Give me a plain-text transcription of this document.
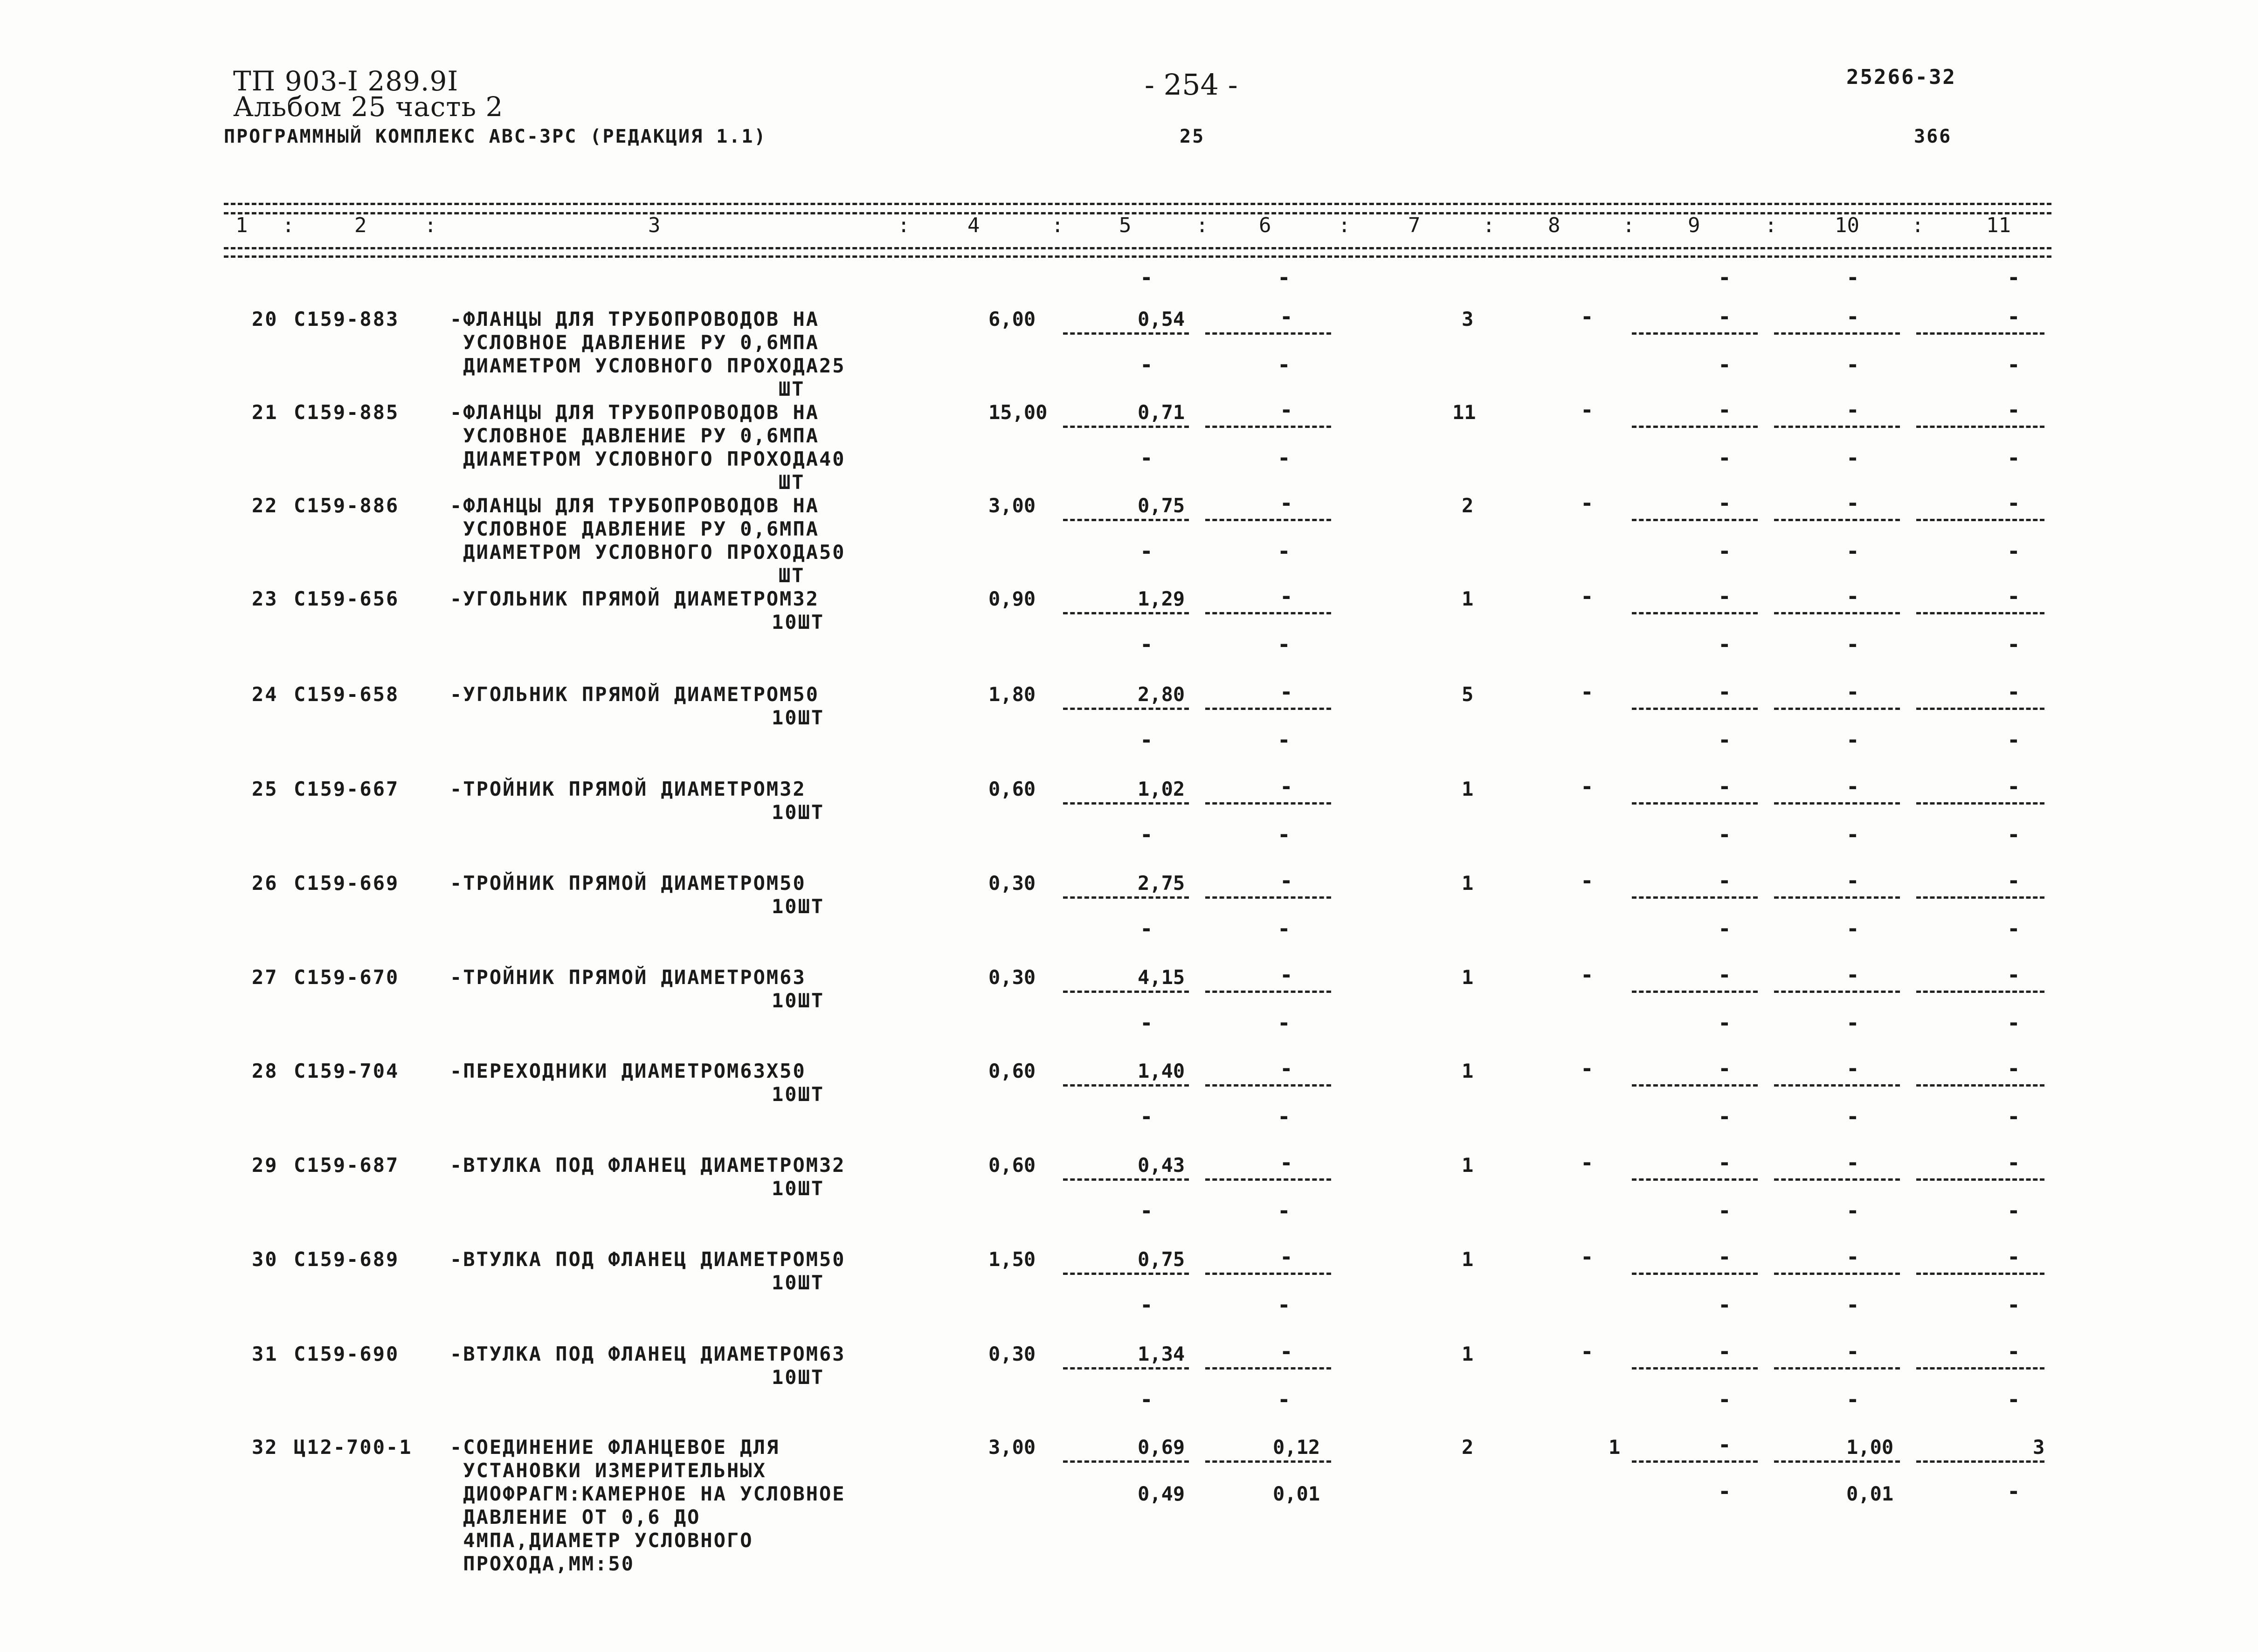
ТП 903-I 289.9I
Альбом 25 часть 2
ПРОГРАММНЫЙ КОМПЛЕКС АВС-3РС (РЕДАКЦИЯ 1.1)
- 254 -
25
25266-32
366
1	2	3	4	5	6	7	8	9	10	11
:	:	:	:	:	:	:	:	:	:
-	-	-	-	-
20 С159-883	-ФЛАНЦЫ ДЛЯ ТРУБОПРОВОДОВ НА
УСЛОВНОЕ ДАВЛЕНИЕ РУ 0,6МПА
ДИАМЕТРОМ УСЛОВНОГО ПРОХОДА25
ШТ
6,00	0,54	-	3	-	-	-	-
-	-	-	-	-
21 С159-885	-ФЛАНЦЫ ДЛЯ ТРУБОПРОВОДОВ НА
УСЛОВНОЕ ДАВЛЕНИЕ РУ 0,6МПА
ДИАМЕТРОМ УСЛОВНОГО ПРОХОДА40
ШТ
15,00	0,71	-	11	-	-	-	-
-	-	-	-	-
22 С159-886	-ФЛАНЦЫ ДЛЯ ТРУБОПРОВОДОВ НА
УСЛОВНОЕ ДАВЛЕНИЕ РУ 0,6МПА
ДИАМЕТРОМ УСЛОВНОГО ПРОХОДА50
ШТ
3,00	0,75	-	2	-	-	-	-
-	-	-	-	-
23 С159-656	-УГОЛЬНИК ПРЯМОЙ ДИАМЕТРОМ32
10ШТ
0,90	1,29	-	1	-	-	-	-
-	-	-	-	-
24 С159-658	-УГОЛЬНИК ПРЯМОЙ ДИАМЕТРОМ50
10ШТ
1,80	2,80	-	5	-	-	-	-
-	-	-	-	-
25 С159-667	-ТРОЙНИК ПРЯМОЙ ДИАМЕТРОМ32
10ШТ
0,60	1,02	-	1	-	-	-	-
-	-	-	-	-
26 С159-669	-ТРОЙНИК ПРЯМОЙ ДИАМЕТРОМ50
10ШТ
0,30	2,75	-	1	-	-	-	-
-	-	-	-	-
27 С159-670	-ТРОЙНИК ПРЯМОЙ ДИАМЕТРОМ63
10ШТ
0,30	4,15	-	1	-	-	-	-
-	-	-	-	-
28 С159-704	-ПЕРЕХОДНИКИ ДИАМЕТРОМ63Х50
10ШТ
0,60	1,40	-	1	-	-	-	-
-	-	-	-	-
29 С159-687	-ВТУЛКА ПОД ФЛАНЕЦ ДИАМЕТРОМ32
10ШТ
0,60	0,43	-	1	-	-	-	-
-	-	-	-	-
30 С159-689	-ВТУЛКА ПОД ФЛАНЕЦ ДИАМЕТРОМ50
10ШТ
1,50	0,75	-	1	-	-	-	-
-	-	-	-	-
31 С159-690	-ВТУЛКА ПОД ФЛАНЕЦ ДИАМЕТРОМ63
10ШТ
0,30	1,34	-	1	-	-	-	-
-	-	-	-	-
32 Ц12-700-1 -СОЕДИНЕНИЕ ФЛАНЦЕВОЕ ДЛЯ
УСТАНОВКИ ИЗМЕРИТЕЛЬНЫХ
ДИОФРАГМ:КАМЕРНОЕ НА УСЛОВНОЕ
ДАВЛЕНИЕ ОТ 0,6 ДО
4МПА,ДИАМЕТР УСЛОВНОГО
ПРОХОДА,ММ:50
3,00	0,69	0,12	2	1	-	1,00	3
0,49	0,01	-	0,01	-
